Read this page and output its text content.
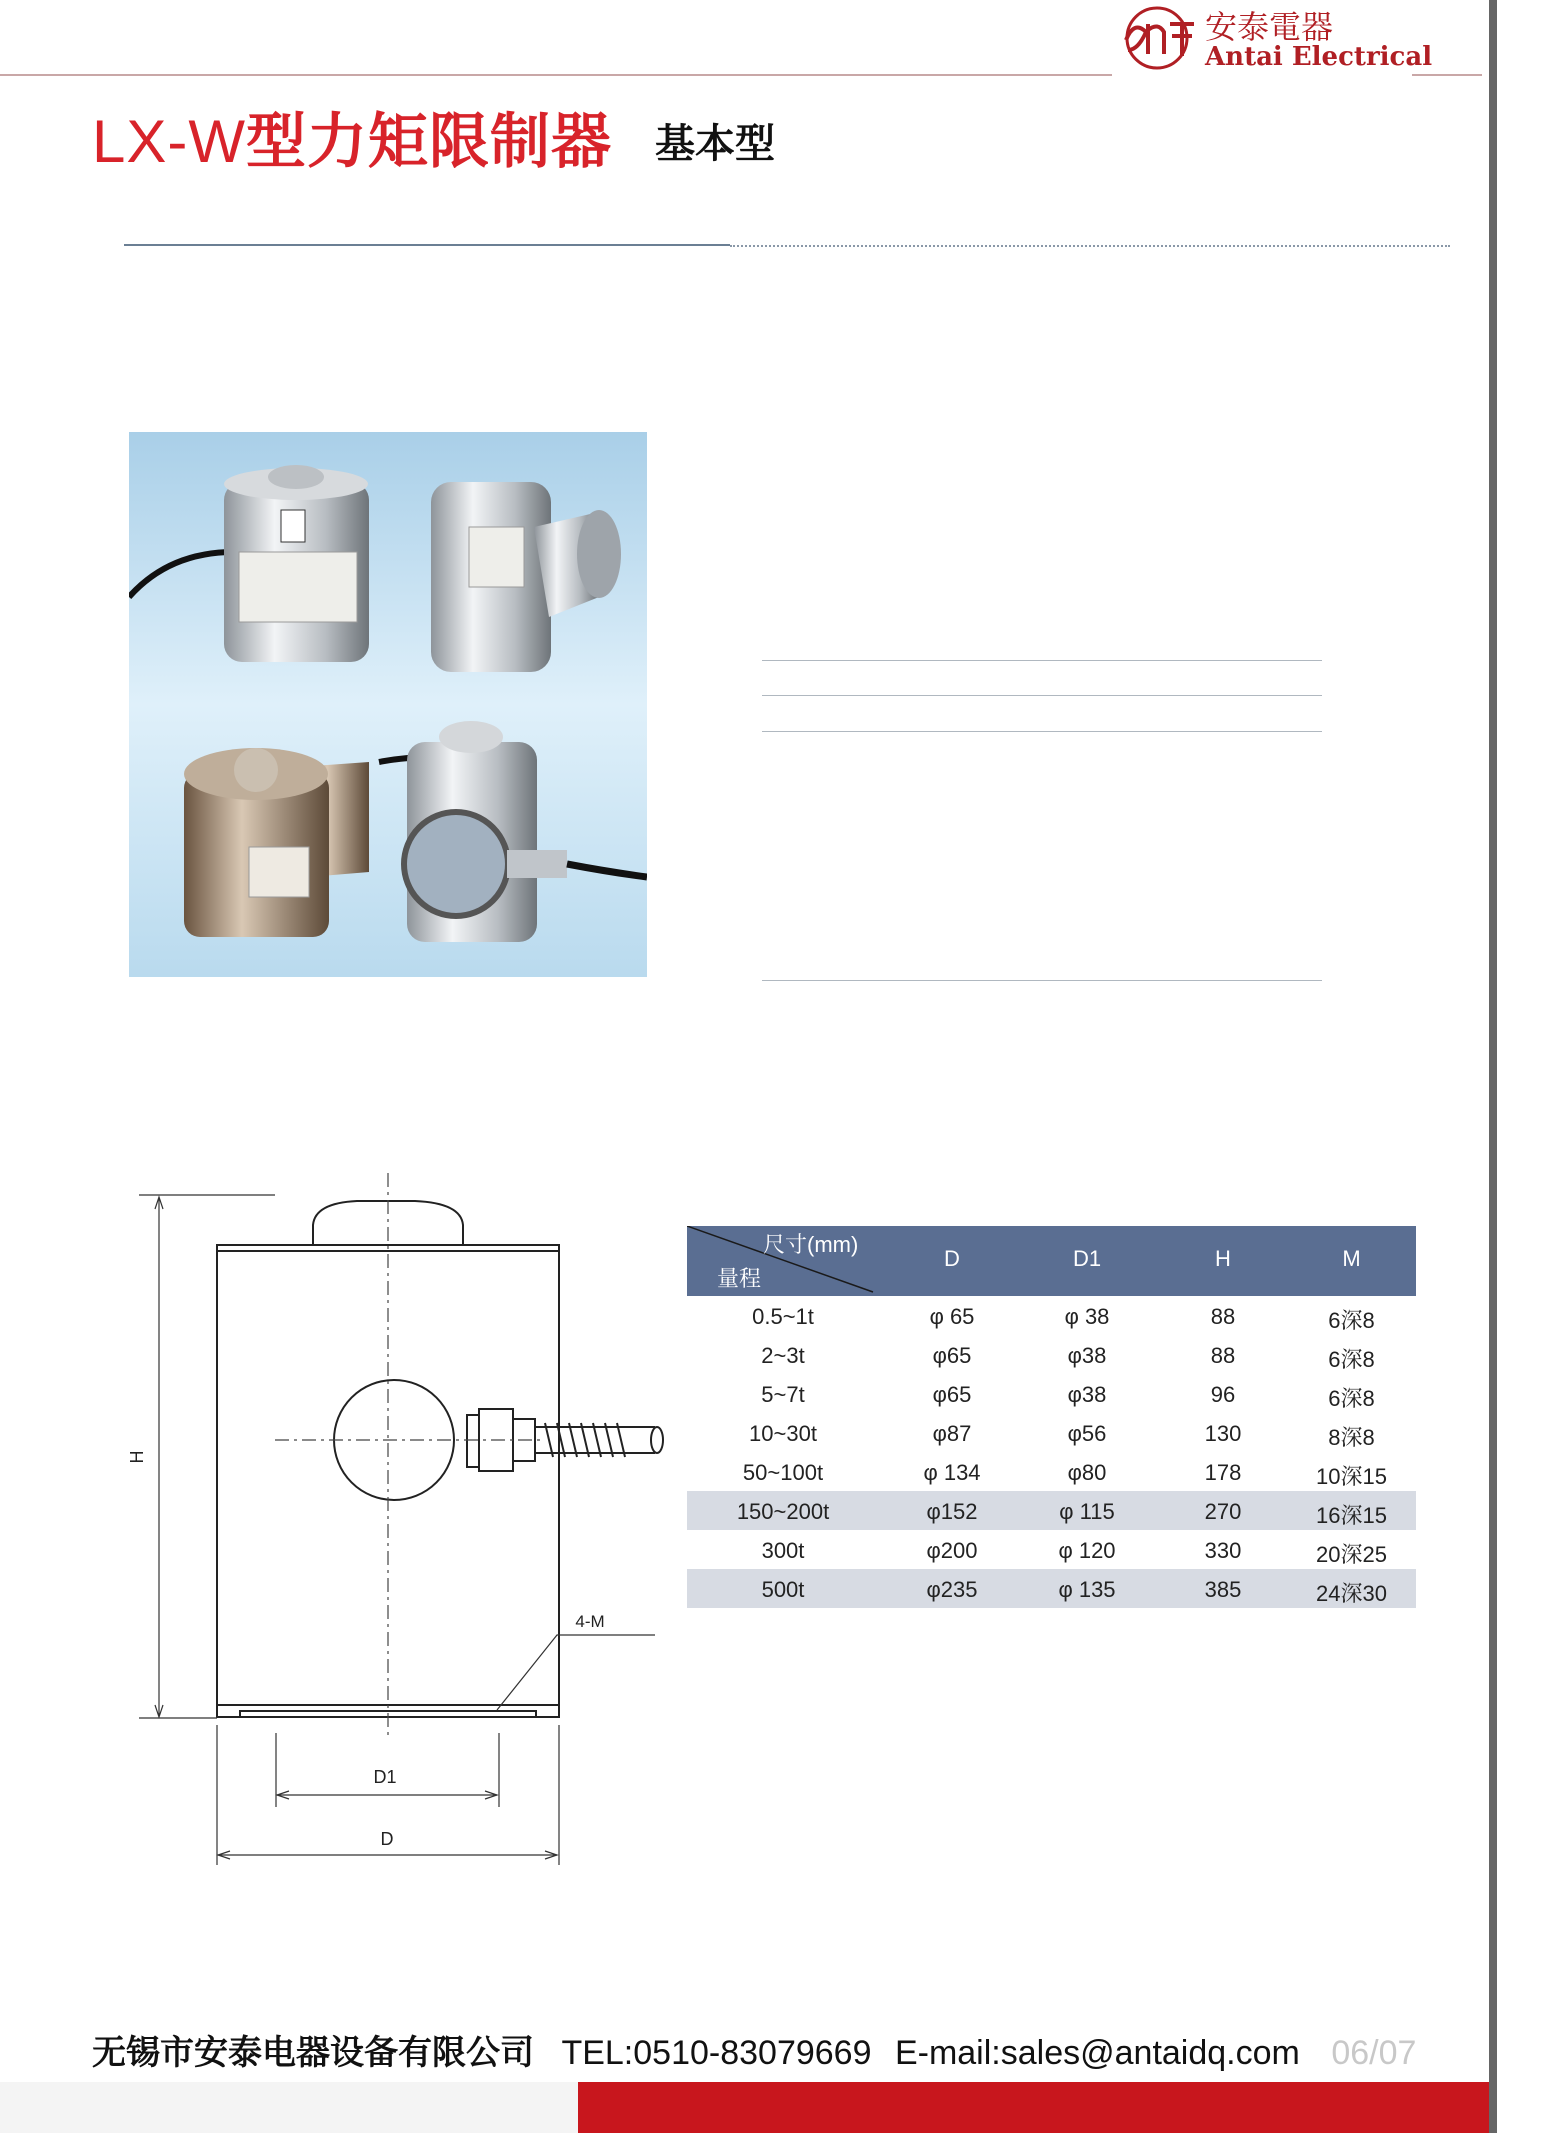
安泰電器
Antai Electrical
LX-W型力矩限制器 基本型
H
D1
D
4-M
尺寸(mm)
量程
D	D1	H	M
0.5~1t	φ 65	φ 38	88	6深8
2~3t	φ65	φ38	88	6深8
5~7t	φ65	φ38	96	6深8
10~30t	φ87	φ56	130	8深8
50~100t	φ 134	φ80	178	10深15
150~200t	φ152	φ 115	270	16深15
300t	φ200	φ 120	330	20深25
500t	φ235	φ 135	385	24深30
无锡市安泰电器设备有限公司 TEL:0510-83079669 E-mail:sales@antaidq.com 06/07
